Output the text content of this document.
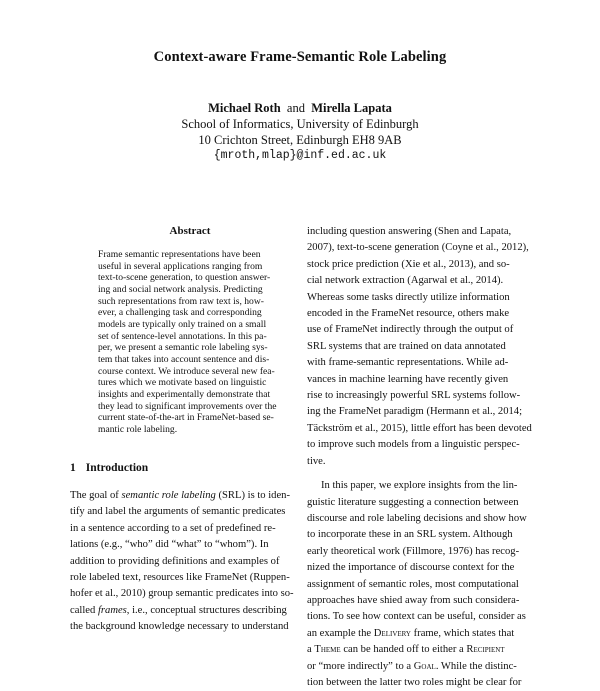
Context-aware Frame-Semantic Role Labeling
Michael Roth and Mirella Lapata
School of Informatics, University of Edinburgh
10 Crichton Street, Edinburgh EH8 9AB
{mroth,mlap}@inf.ed.ac.uk
Abstract
Frame semantic representations have been
useful in several applications ranging from
text-to-scene generation, to question answer-
ing and social network analysis. Predicting
such representations from raw text is, how-
ever, a challenging task and corresponding
models are typically only trained on a small
set of sentence-level annotations. In this pa-
per, we present a semantic role labeling sys-
tem that takes into account sentence and dis-
course context. We introduce several new fea-
tures which we motivate based on linguistic
insights and experimentally demonstrate that
they lead to significant improvements over the
current state-of-the-art in FrameNet-based se-
mantic role labeling.
1 Introduction
The goal of semantic role labeling (SRL) is to iden-
tify and label the arguments of semantic predicates
in a sentence according to a set of predefined re-
lations (e.g., “who” did “what” to “whom”). In
addition to providing definitions and examples of
role labeled text, resources like FrameNet (Ruppen-
hofer et al., 2010) group semantic predicates into so-
called frames, i.e., conceptual structures describing
the background knowledge necessary to understand
including question answering (Shen and Lapata,
2007), text-to-scene generation (Coyne et al., 2012),
stock price prediction (Xie et al., 2013), and so-
cial network extraction (Agarwal et al., 2014).
Whereas some tasks directly utilize information
encoded in the FrameNet resource, others make
use of FrameNet indirectly through the output of
SRL systems that are trained on data annotated
with frame-semantic representations. While ad-
vances in machine learning have recently given
rise to increasingly powerful SRL systems follow-
ing the FrameNet paradigm (Hermann et al., 2014;
Täckström et al., 2015), little effort has been devoted
to improve such models from a linguistic perspec-
tive.
In this paper, we explore insights from the lin-
guistic literature suggesting a connection between
discourse and role labeling decisions and show how
to incorporate these in an SRL system. Although
early theoretical work (Fillmore, 1976) has recog-
nized the importance of discourse context for the
assignment of semantic roles, most computational
approaches have shied away from such considera-
tions. To see how context can be useful, consider as
an example the Delivery frame, which states that
a Theme can be handed off to either a Recipient
or “more indirectly” to a Goal. While the distinc-
tion between the latter two roles might be clear for
